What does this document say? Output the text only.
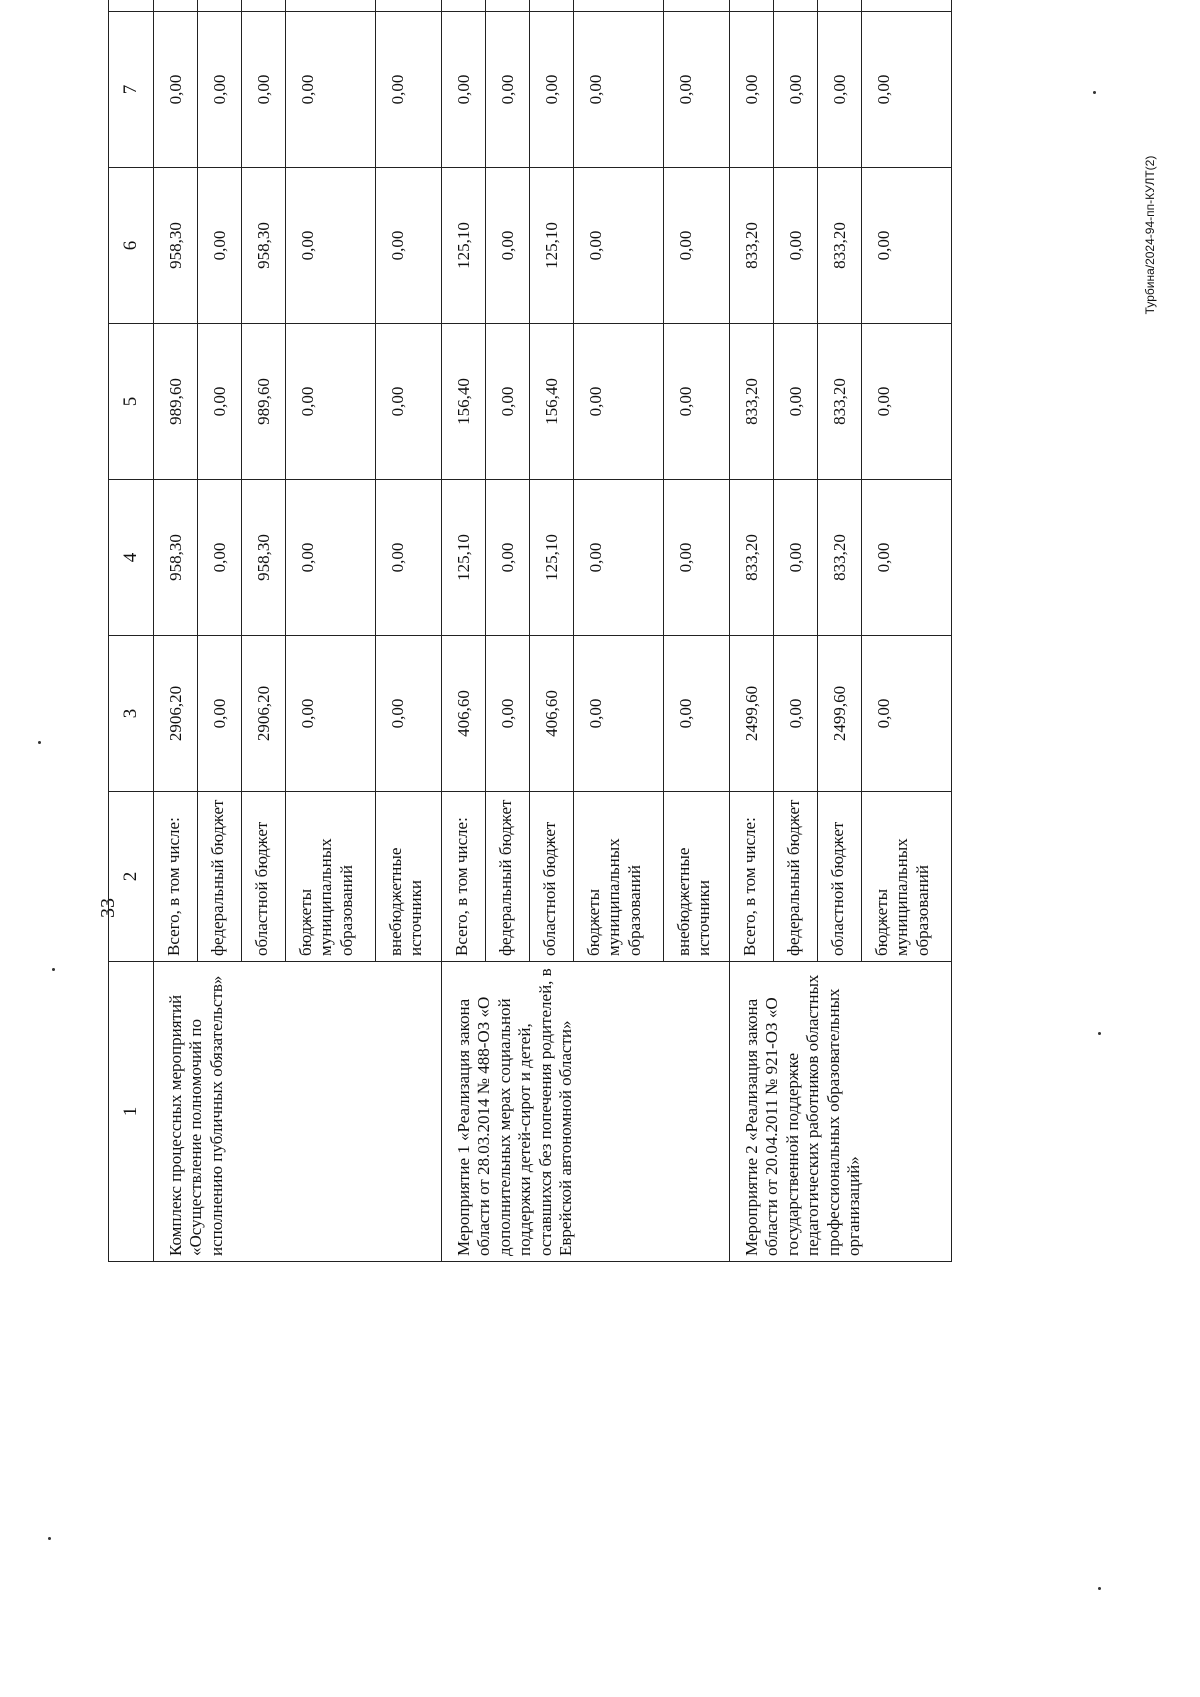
33
Турбина/2024-94-пп-КУЛТ(2)
1	2	3	4	5	6	7	
Комплекс процессных мероприятий «Осуществление полномочий по исполнению публичных обязательств»	Всего, в том числе:	2906,20	958,30	989,60	958,30	0,00	
	федеральный бюджет	0,00	0,00	0,00	0,00	0,00	
	областной бюджет	2906,20	958,30	989,60	958,30	0,00	
	бюджеты муниципальных образований	0,00	0,00	0,00	0,00	0,00	
	внебюджетные источники	0,00	0,00	0,00	0,00	0,00	
Мероприятие 1 «Реализация закона области от 28.03.2014 № 488-ОЗ «О дополнительных мерах социальной поддержки детей-сирот и детей, оставшихся без попечения родителей, в Еврейской автономной области»	Всего, в том числе:	406,60	125,10	156,40	125,10	0,00	
	федеральный бюджет	0,00	0,00	0,00	0,00	0,00	
	областной бюджет	406,60	125,10	156,40	125,10	0,00	
	бюджеты муниципальных образований	0,00	0,00	0,00	0,00	0,00	
	внебюджетные источники	0,00	0,00	0,00	0,00	0,00	
Мероприятие 2 «Реализация закона области от 20.04.2011 № 921-ОЗ «О государственной поддержке педагогических работников областных профессиональных образовательных организаций»	Всего, в том числе:	2499,60	833,20	833,20	833,20	0,00	
	федеральный бюджет	0,00	0,00	0,00	0,00	0,00	
	областной бюджет	2499,60	833,20	833,20	833,20	0,00	
	бюджеты муниципальных образований	0,00	0,00	0,00	0,00	0,00	
